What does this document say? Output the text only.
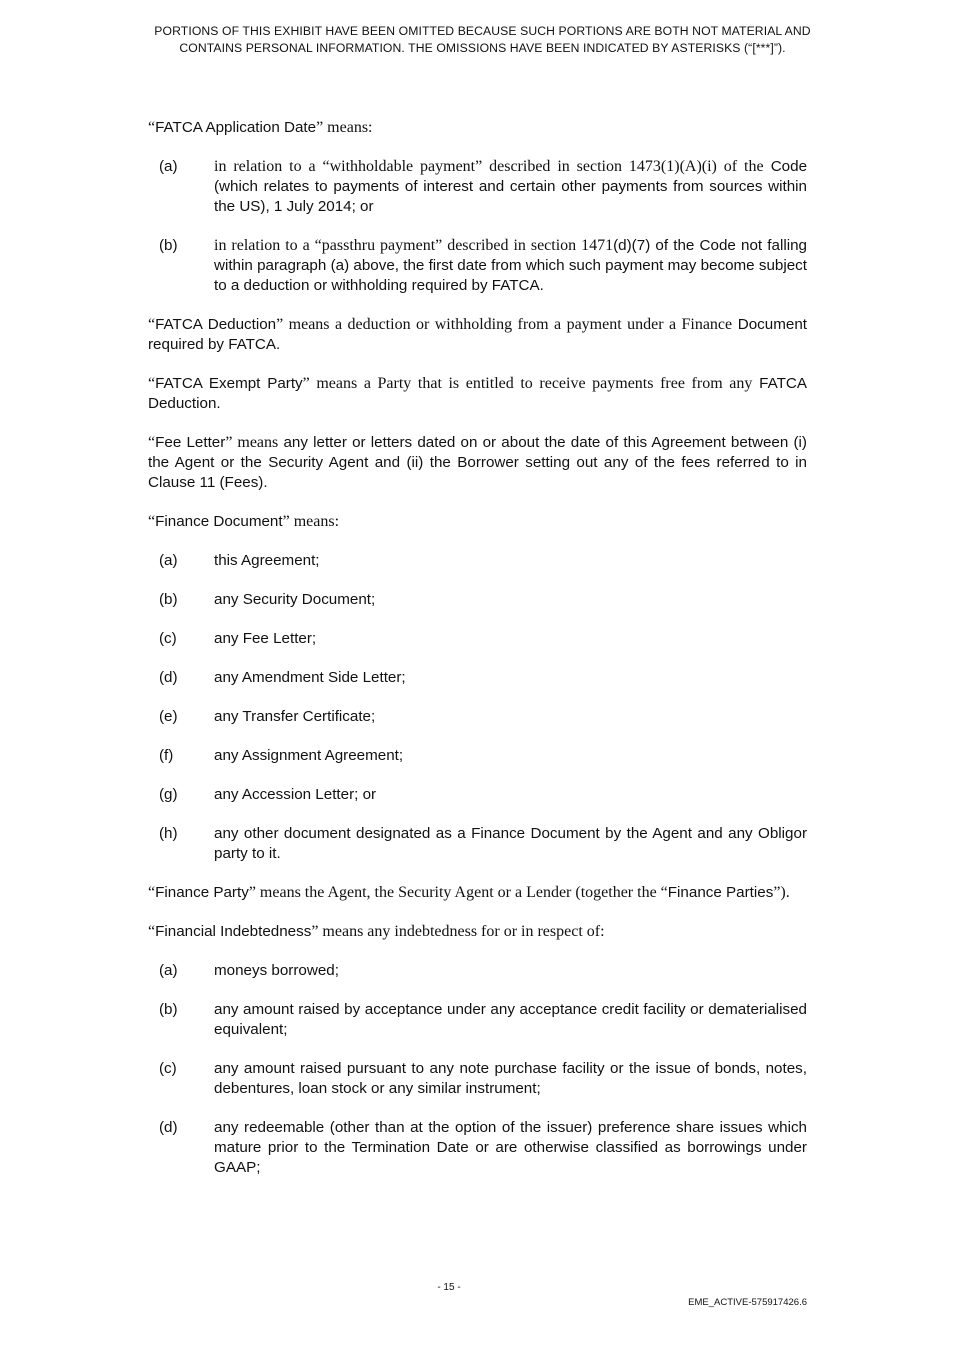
PORTIONS OF THIS EXHIBIT HAVE BEEN OMITTED BECAUSE SUCH PORTIONS ARE BOTH NOT MATERIAL AND
CONTAINS PERSONAL INFORMATION. THE OMISSIONS HAVE BEEN INDICATED BY ASTERISKS (“[***]”).

“FATCA Application Date” means:

(a) in relation to a “withholdable payment” described in section 1473(1)(A)(i) of the Code (which relates to payments of interest and certain other payments from sources within the US), 1 July 2014; or
(b) in relation to a “passthru payment” described in section 1471(d)(7) of the Code not falling within paragraph (a) above, the first date from which such payment may become subject to a deduction or withholding required by FATCA.

“FATCA Deduction” means a deduction or withholding from a payment under a Finance Document required by FATCA.

“FATCA Exempt Party” means a Party that is entitled to receive payments free from any FATCA Deduction.

“Fee Letter” means any letter or letters dated on or about the date of this Agreement between (i) the Agent or the Security Agent and (ii) the Borrower setting out any of the fees referred to in Clause 11 (Fees).

“Finance Document” means:

(a) this Agreement;
(b) any Security Document;
(c) any Fee Letter;
(d) any Amendment Side Letter;
(e) any Transfer Certificate;
(f)	any Assignment Agreement;
(g) any Accession Letter; or
(h) any other document designated as a Finance Document by the Agent and any Obligor party to it.

“Finance Party” means the Agent, the Security Agent or a Lender (together the “Finance Parties”).

“Financial Indebtedness” means any indebtedness for or in respect of:

(a) moneys borrowed;
(b) any amount raised by acceptance under any acceptance credit facility or dematerialised equivalent;
(c) any amount raised pursuant to any note purchase facility or the issue of bonds, notes, debentures, loan stock or any similar instrument;
(d) any redeemable (other than at the option of the issuer) preference share issues which mature prior to the Termination Date or are otherwise classified as borrowings under GAAP;
- 15 -
EME_ACTIVE-575917426.6
